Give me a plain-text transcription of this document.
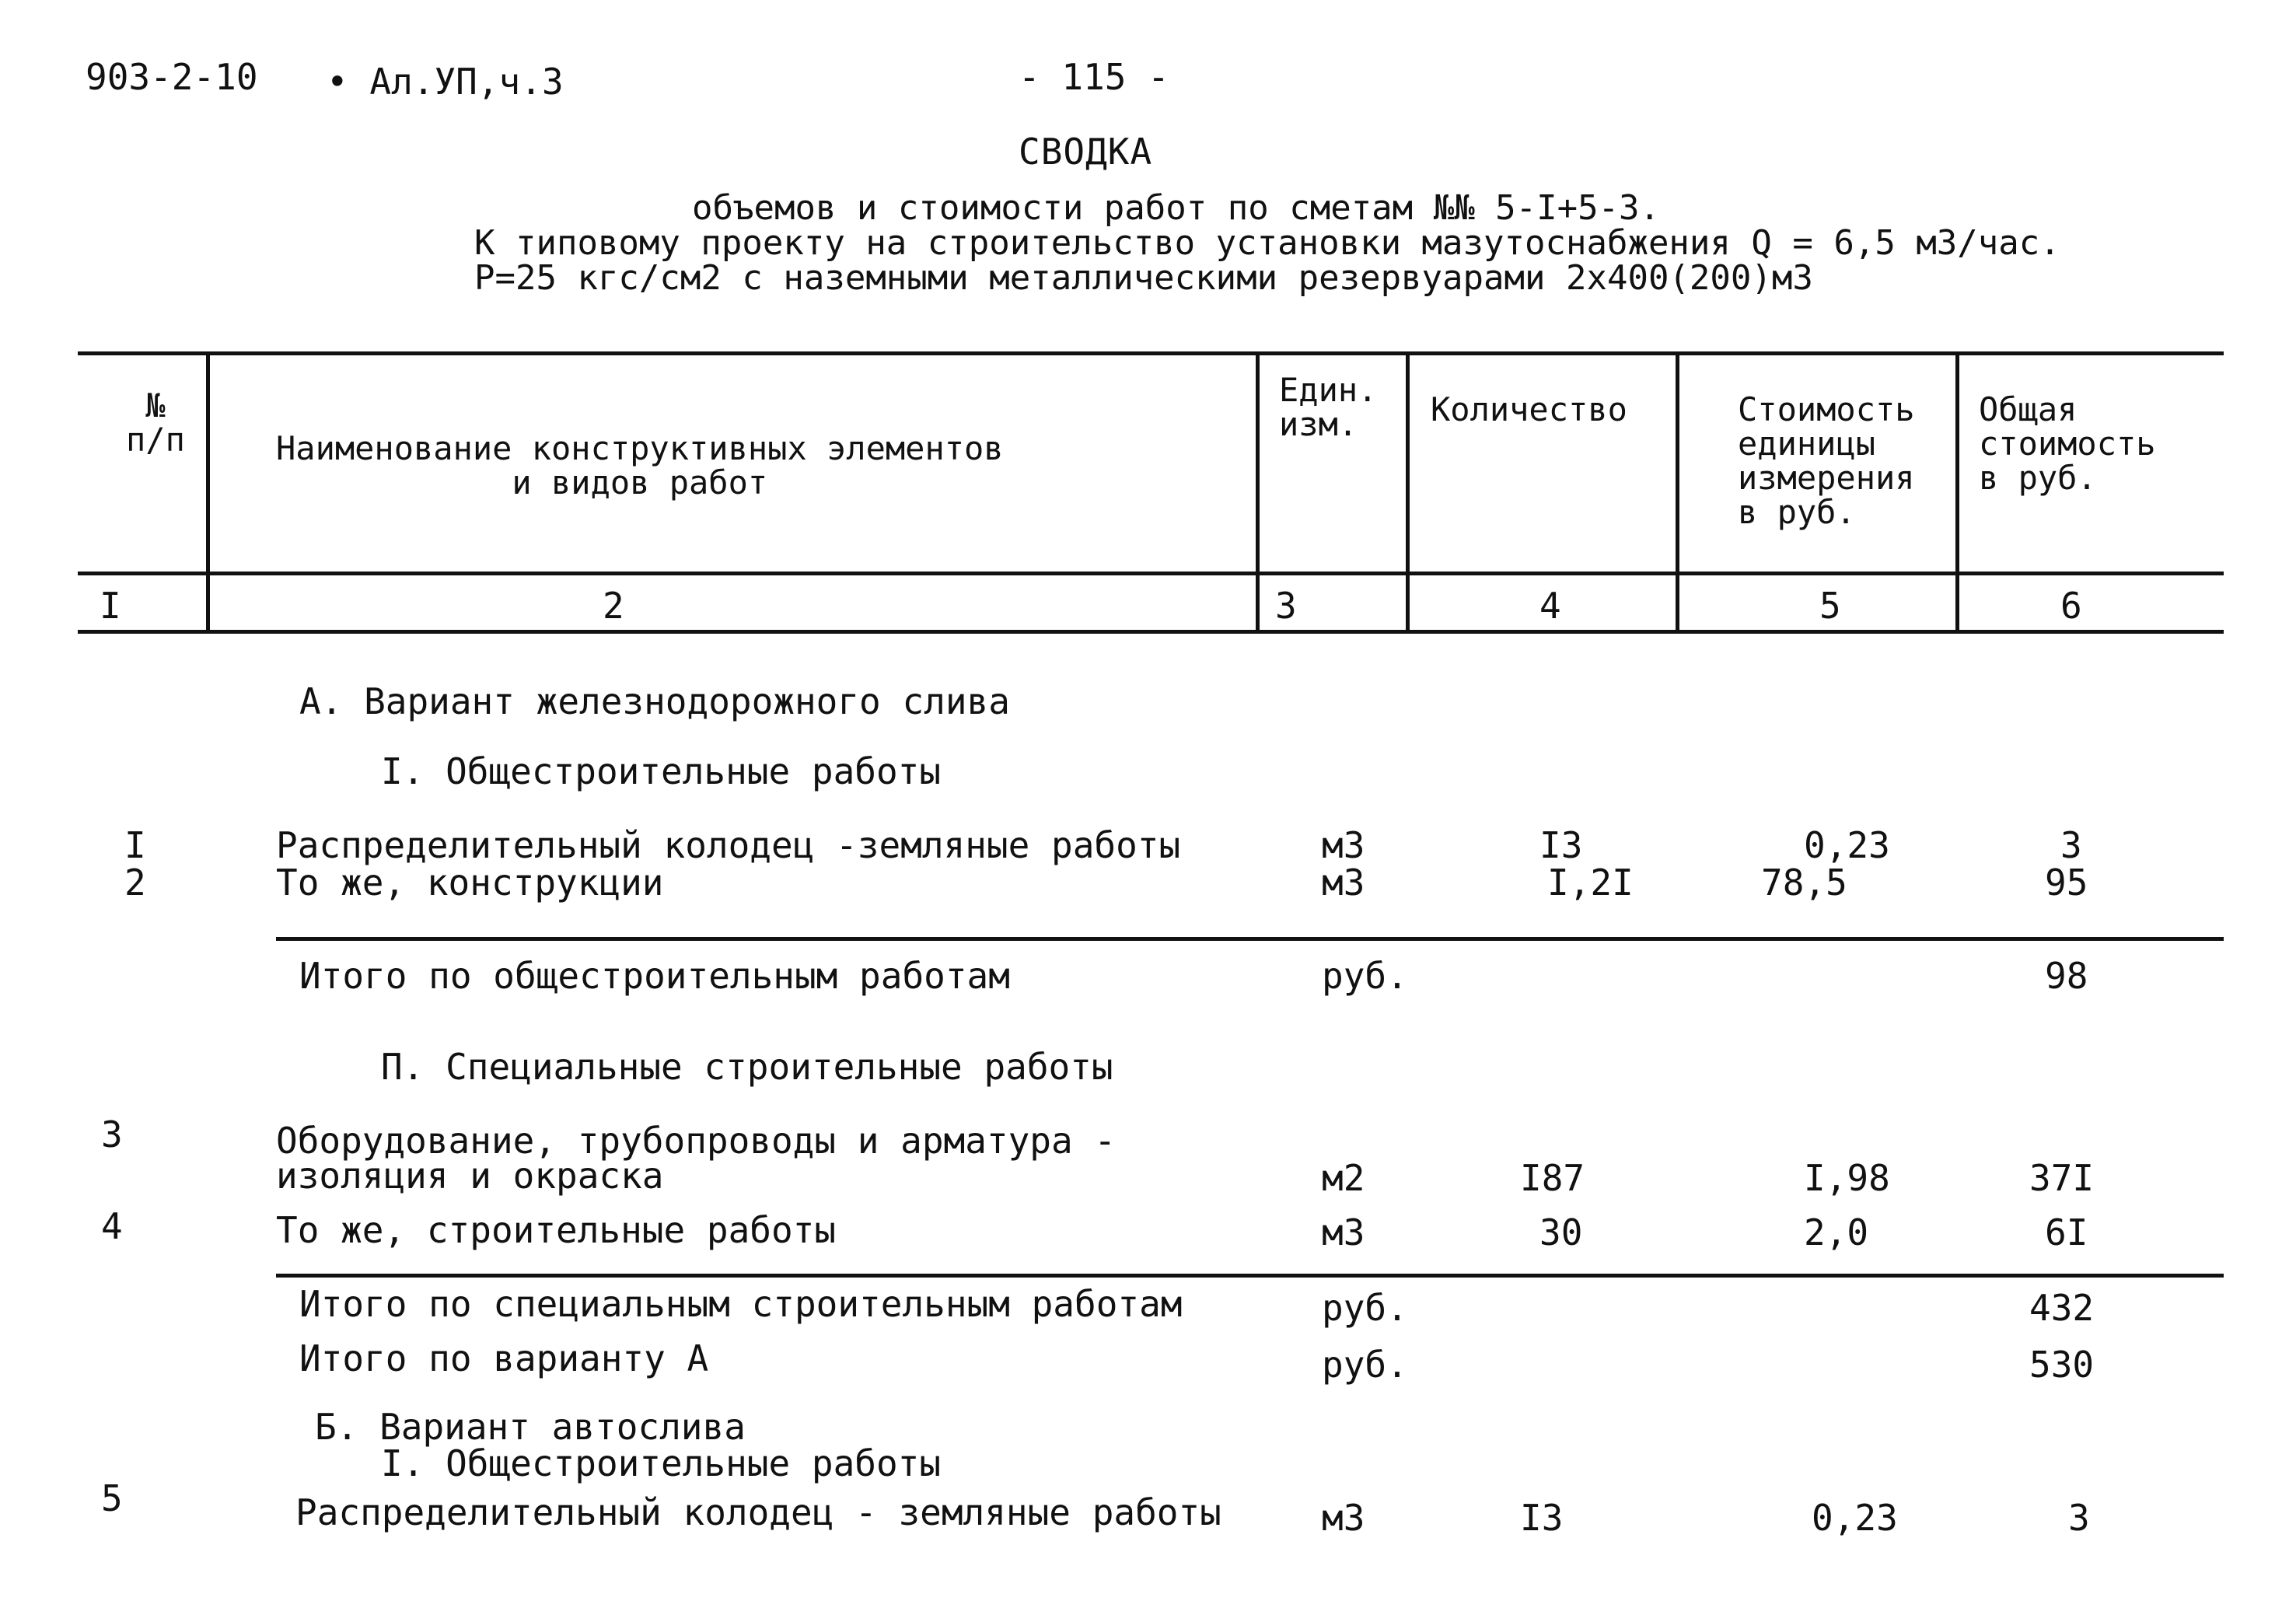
903-2-10 • Ал.УП,ч.3	- 115 -
СВОДКА
объемов и стоимости работ по сметам №№ 5-I+5-3.
К типовому проекту на строительство установки мазутоснабжения Q = 6,5 м3/час.
Р=25 кгс/см2 с наземными металлическими резервуарами 2х400(200)м3
№
п/п	Наименование конструктивных элементов
и видов работ
Един.
изм.	Количество	Стоимость
единицы
измерения
в руб.
Общая
стоимость
в руб.
I	2	3	4	5	6
А. Вариант железнодорожного слива
I. Общестроительные работы
I	Распределительный колодец -земляные работы	м3	I3	0,23	3
2	То же, конструкции	м3	I,2I	78,5	95
Итого по общестроительным работам	руб.	98
П. Специальные строительные работы
3	Оборудование, трубопроводы и арматура -
изоляция и окраска	м2	I87	I,98	37I
4	То же, строительные работы	м3	30	2,0	6I
Итого по специальным строительным работам	руб.	432
Итого по варианту А	руб.	530
Б. Вариант автослива
I. Общестроительные работы
5	Распределительный колодец - земляные работы	м3	I3	0,23	3
